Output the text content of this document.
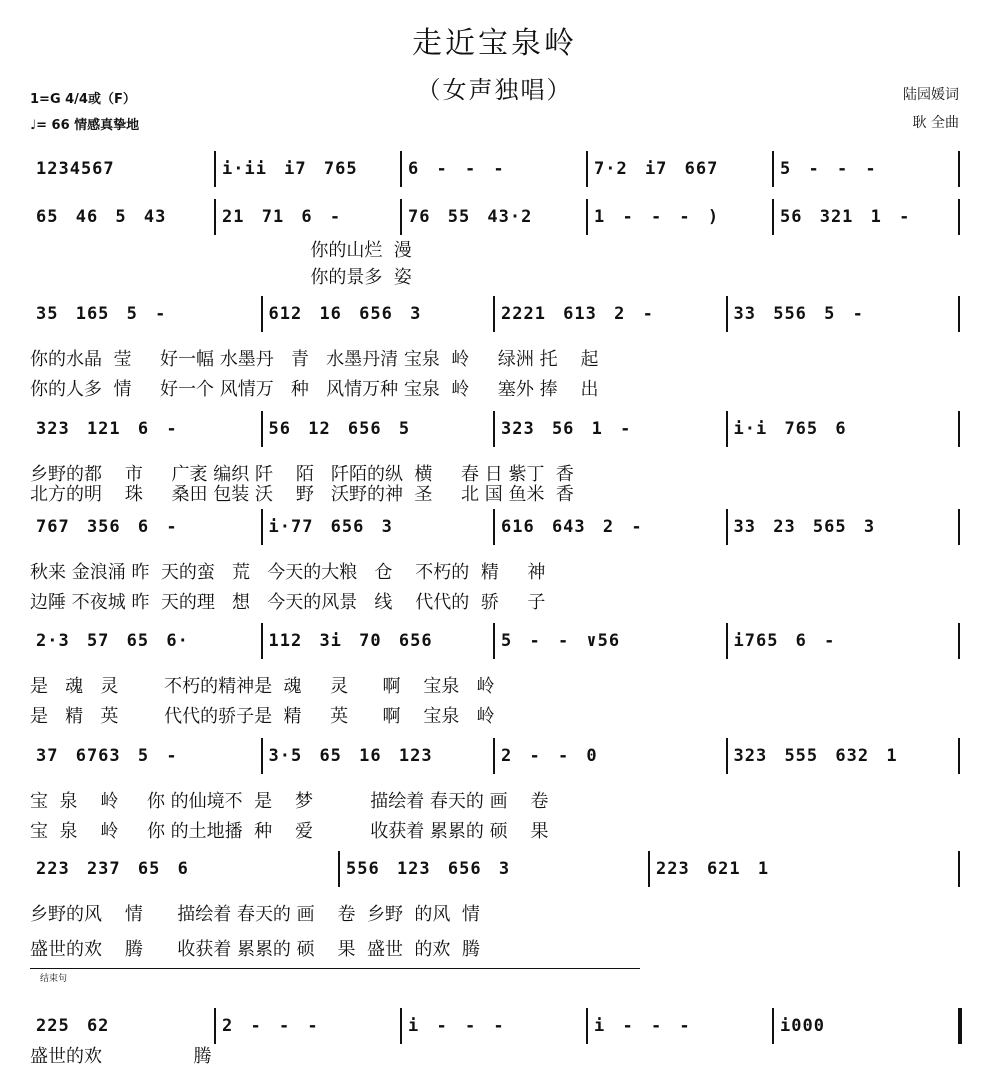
走近宝泉岭
（女声独唱）
1=G 4/4或（F）
♩= 66 情感真挚地
陆园媛词
耿 全曲
1234567	i·ii i7 765	6 - - -	7·2 i7 667	5 - - -
65 46 5 43	21 71 6 -	76 55 43·2	1 - - - )	56 321 1 -
你的山烂  漫
你的景多  姿
35 165 5 -	612 16 656 3	2221 613 2 -	33 556 5 -
你的水晶  莹     好一幅 水墨丹   青   水墨丹清 宝泉  岭     绿洲 托    起
你的人多  情     好一个 风情万   种   风情万种 宝泉  岭     塞外 捧    出
323 121 6 -	56 12 656 5	323 56 1 -	i·i 765 6
乡野的都    市     广袤 编织 阡    陌   阡陌的纵  横     春 日 紫丁  香
北方的明    珠     桑田 包装 沃    野   沃野的神  圣     北 国 鱼米  香
767 356 6 -	i·77 656 3	616 643 2 -	33 23 565 3
秋来 金浪涌 昨  天的蛮   荒   今天的大粮   仓    不朽的  精     神
边陲 不夜城 昨  天的理   想   今天的风景   线    代代的  骄     子
2·3 57 65 6·	112 3i 70 656	5 - - ∨56	i765 6 -
是   魂   灵        不朽的精神是  魂     灵      啊    宝泉   岭
是   精   英        代代的骄子是  精     英      啊    宝泉   岭
37 6763 5 -	3·5 65 16 123	2 - - 0	323 555 632 1
宝  泉    岭     你 的仙境不  是    梦          描绘着 春天的 画    卷
宝  泉    岭     你 的土地播  种    爱          收获着 累累的 硕    果
223 237 65 6	556 123 656 3	223 621 1
乡野的风    情      描绘着 春天的 画    卷  乡野  的风  情
盛世的欢    腾      收获着 累累的 硕    果  盛世  的欢  腾
225 62	2 - - -	i - - -	i - - -	i000
盛世的欢                腾
结束句
